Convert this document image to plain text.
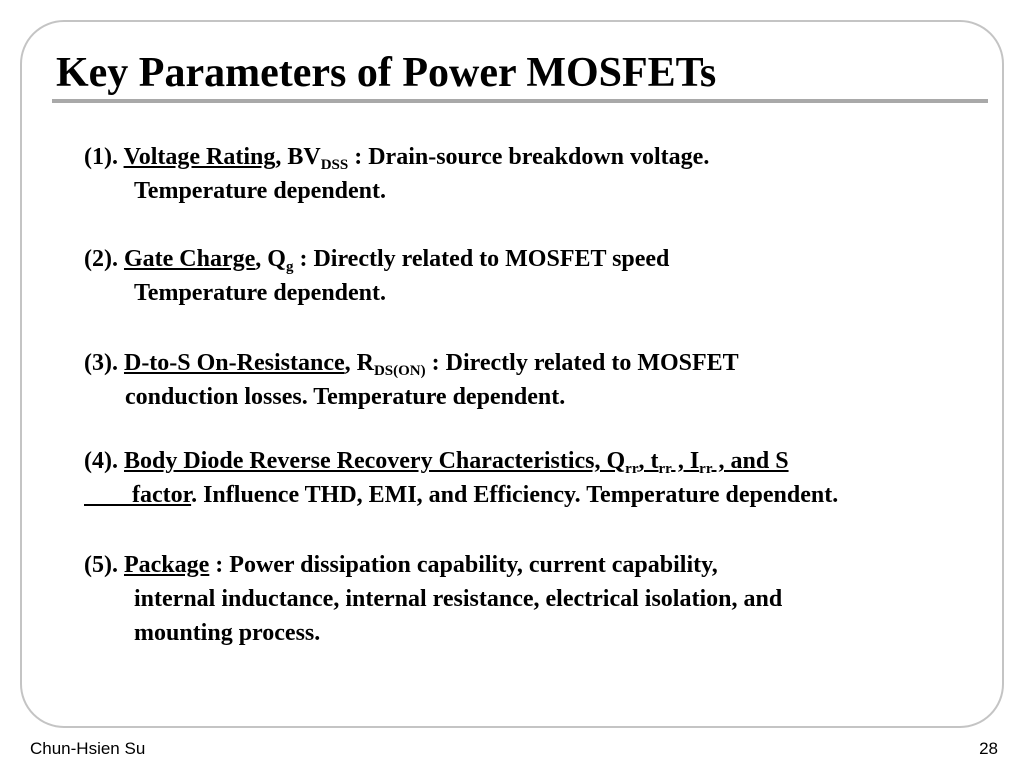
Key Parameters of Power MOSFETs
(1). Voltage Rating, $BV_{DSS}$ : Drain-source breakdown voltage.
Temperature dependent.
(2). Gate Charge, $Q_g$ : Directly related to MOSFET speed
Temperature dependent.
(3). D-to-S On-Resistance, $R_{DS(ON)}$ : Directly related to MOSFET
conduction losses. Temperature dependent.
(4). Body Diode Reverse Recovery Characteristics, $Q_{rr}$, $t_{rr}$ , $I_{rr}$ , and S
factor. Influence THD, EMI, and Efficiency. Temperature dependent.
(5). Package : Power dissipation capability, current capability,
internal inductance, internal resistance, electrical isolation, and
mounting process.
Chun-Hsien Su	28
